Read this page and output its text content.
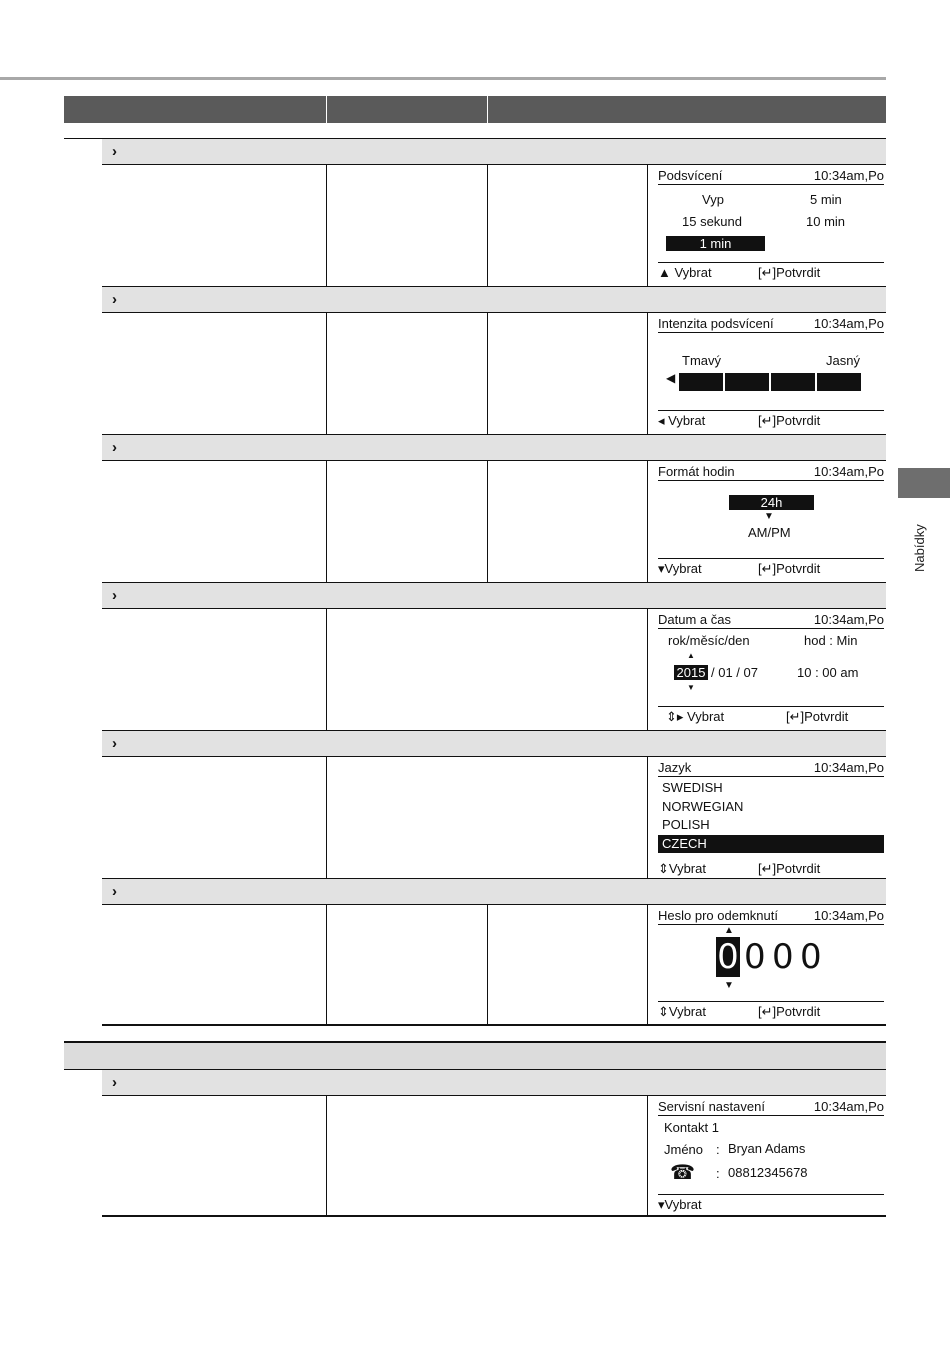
Nabídky
›
Podsvícení	10:34am,Po
Vyp	5 min
15 sekund	10 min
1 min
▲ Vybrat	[↵]Potvrdit
›
Intenzita podsvícení	10:34am,Po
Tmavý	Jasný
◀
◂ Vybrat	[↵]Potvrdit
›
Formát hodin	10:34am,Po
24h
▼
AM/PM
▾Vybrat	[↵]Potvrdit
›
Datum a čas	10:34am,Po
rok/měsíc/den	hod : Min
▲
2015 / 01 / 07	10 : 00 am
▼
⇕▸ Vybrat	[↵]Potvrdit
›
Jazyk	10:34am,Po
SWEDISH
NORWEGIAN
POLISH
CZECH
⇕Vybrat	[↵]Potvrdit
›
Heslo pro odemknutí	10:34am,Po
▲
0 0 0 0
▼
⇕Vybrat	[↵]Potvrdit
›
Servisní nastavení	10:34am,Po
Kontakt 1
Jméno : Bryan Adams
☎ : 08812345678
▾Vybrat
